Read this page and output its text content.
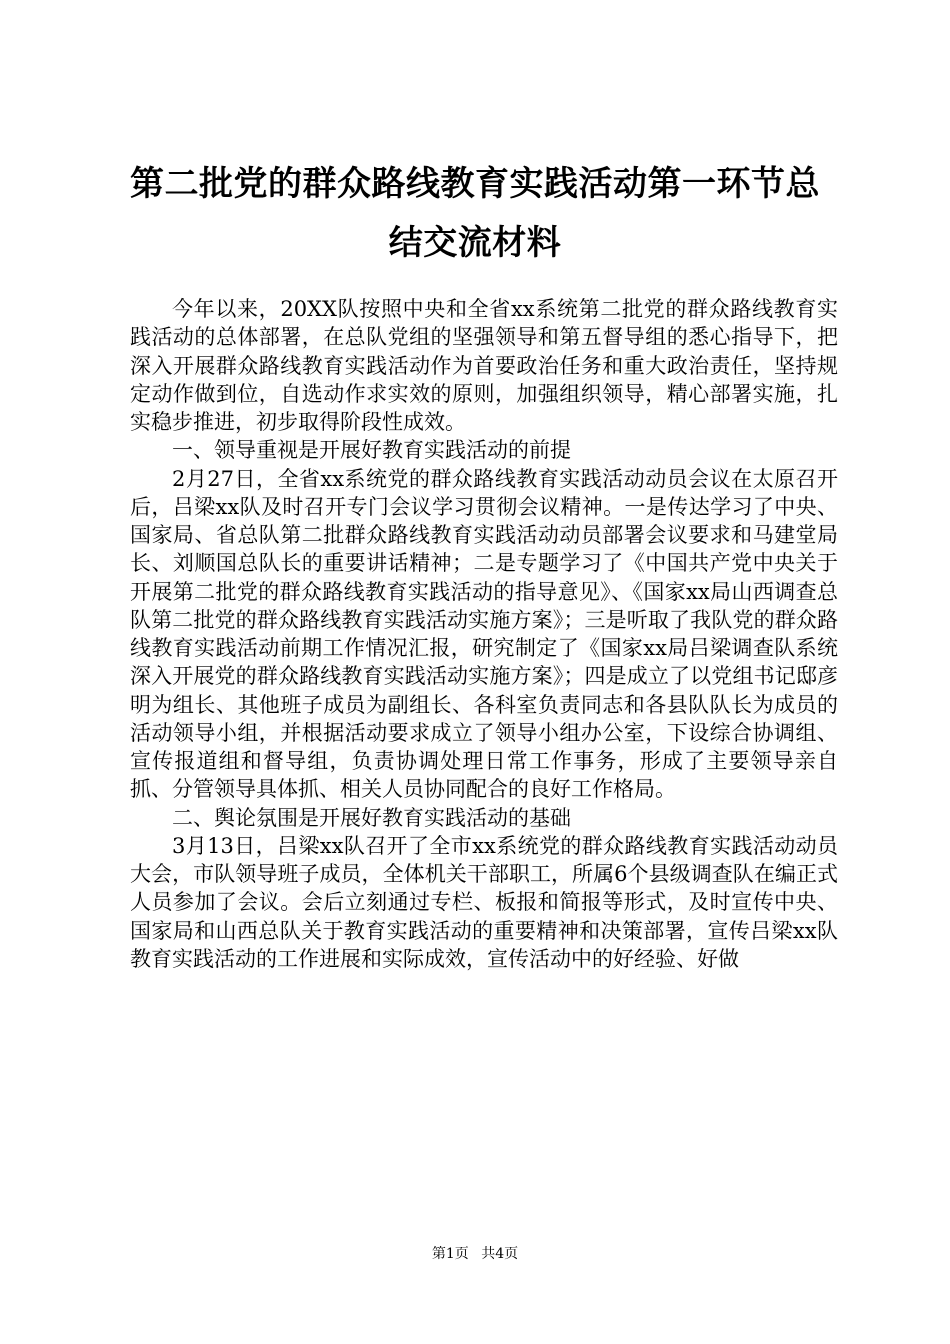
第二批党的群众路线教育实践活动第一环节总
结交流材料

今年以来，20XX队按照中央和全省xx系统第二批党的群众路线教育实践活动的总体部署，在总队党组的坚强领导和第五督导组的悉心指导下，把深入开展群众路线教育实践活动作为首要政治任务和重大政治责任，坚持规定动作做到位，自选动作求实效的原则，加强组织领导，精心部署实施，扎实稳步推进，初步取得阶段性成效。

一、领导重视是开展好教育实践活动的前提

2月27日，全省xx系统党的群众路线教育实践活动动员会议在太原召开后，吕梁xx队及时召开专门会议学习贯彻会议精神。一是传达学习了中央、国家局、省总队第二批群众路线教育实践活动动员部署会议要求和马建堂局长、刘顺国总队长的重要讲话精神；二是专题学习了《中国共产党中央关于开展第二批党的群众路线教育实践活动的指导意见》、《国家xx局山西调查总队第二批党的群众路线教育实践活动实施方案》；三是听取了我队党的群众路线教育实践活动前期工作情况汇报，研究制定了《国家xx局吕梁调查队系统深入开展党的群众路线教育实践活动实施方案》；四是成立了以党组书记邸彦明为组长、其他班子成员为副组长、各科室负责同志和各县队队长为成员的活动领导小组，并根据活动要求成立了领导小组办公室，下设综合协调组、宣传报道组和督导组，负责协调处理日常工作事务，形成了主要领导亲自抓、分管领导具体抓、相关人员协同配合的良好工作格局。

二、舆论氛围是开展好教育实践活动的基础

3月13日，吕梁xx队召开了全市xx系统党的群众路线教育实践活动动员大会，市队领导班子成员，全体机关干部职工，所属6个县级调查队在编正式人员参加了会议。会后立刻通过专栏、板报和简报等形式，及时宣传中央、国家局和山西总队关于教育实践活动的重要精神和决策部署，宣传吕梁xx队教育实践活动的工作进展和实际成效，宣传活动中的好经验、好做

第1页 共4页
